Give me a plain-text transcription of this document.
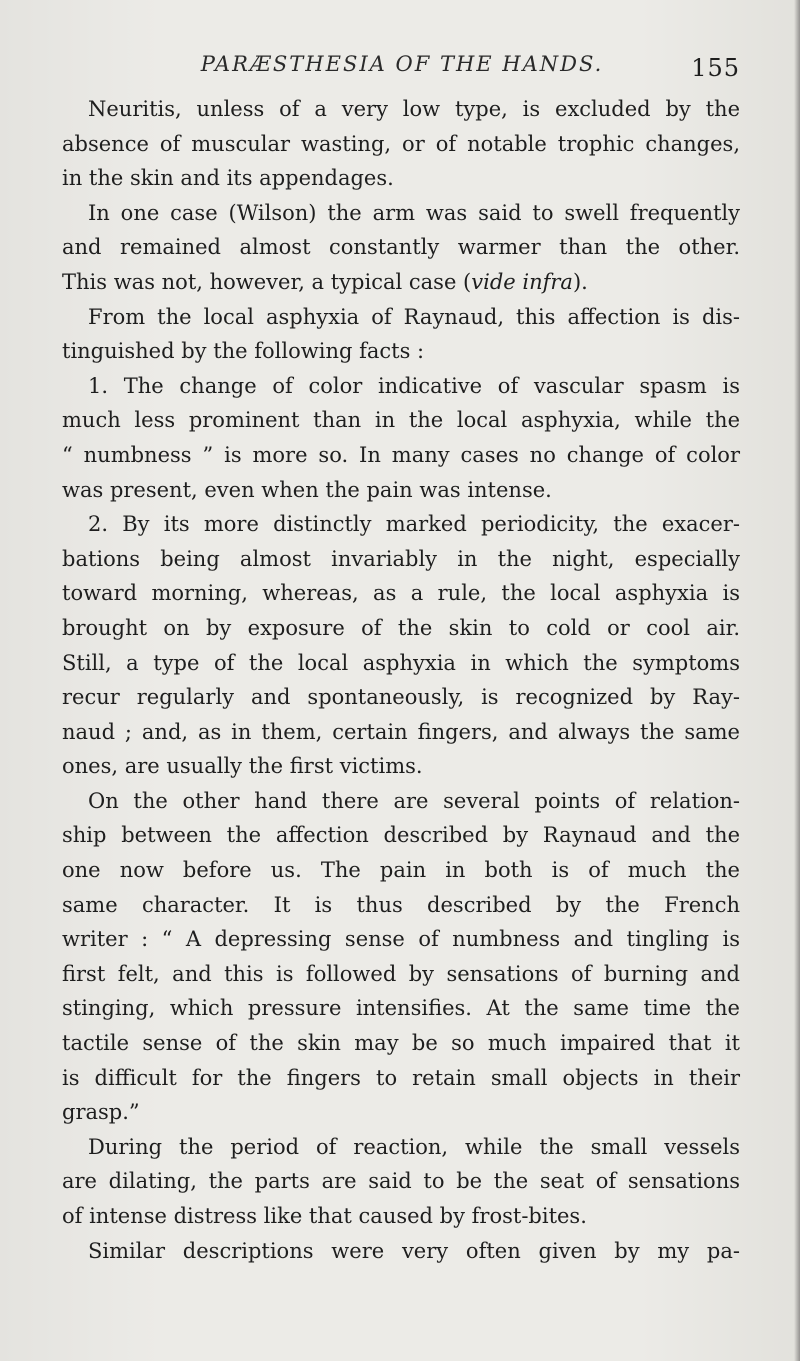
PARÆSTHESIA OF THE HANDS.	155
Neuritis, unless of a very low type, is excluded by the
absence of muscular wasting, or of notable trophic changes,
in the skin and its appendages.
In one case (Wilson) the arm was said to swell frequently
and remained almost constantly warmer than the other.
This was not, however, a typical case (vide infra).
From the local asphyxia of Raynaud, this affection is dis-
tinguished by the following facts :
1. The change of color indicative of vascular spasm is
much less prominent than in the local asphyxia, while the
“ numbness ” is more so. In many cases no change of color
was present, even when the pain was intense.
2. By its more distinctly marked periodicity, the exacer-
bations being almost invariably in the night, especially
toward morning, whereas, as a rule, the local asphyxia is
brought on by exposure of the skin to cold or cool air.
Still, a type of the local asphyxia in which the symptoms
recur regularly and spontaneously, is recognized by Ray-
naud ; and, as in them, certain fingers, and always the same
ones, are usually the first victims.
On the other hand there are several points of relation-
ship between the affection described by Raynaud and the
one now before us. The pain in both is of much the
same character. It is thus described by the French
writer : “ A depressing sense of numbness and tingling is
first felt, and this is followed by sensations of burning and
stinging, which pressure intensifies. At the same time the
tactile sense of the skin may be so much impaired that it
is difficult for the fingers to retain small objects in their
grasp.”
During the period of reaction, while the small vessels
are dilating, the parts are said to be the seat of sensations
of intense distress like that caused by frost-bites.
Similar descriptions were very often given by my pa-
